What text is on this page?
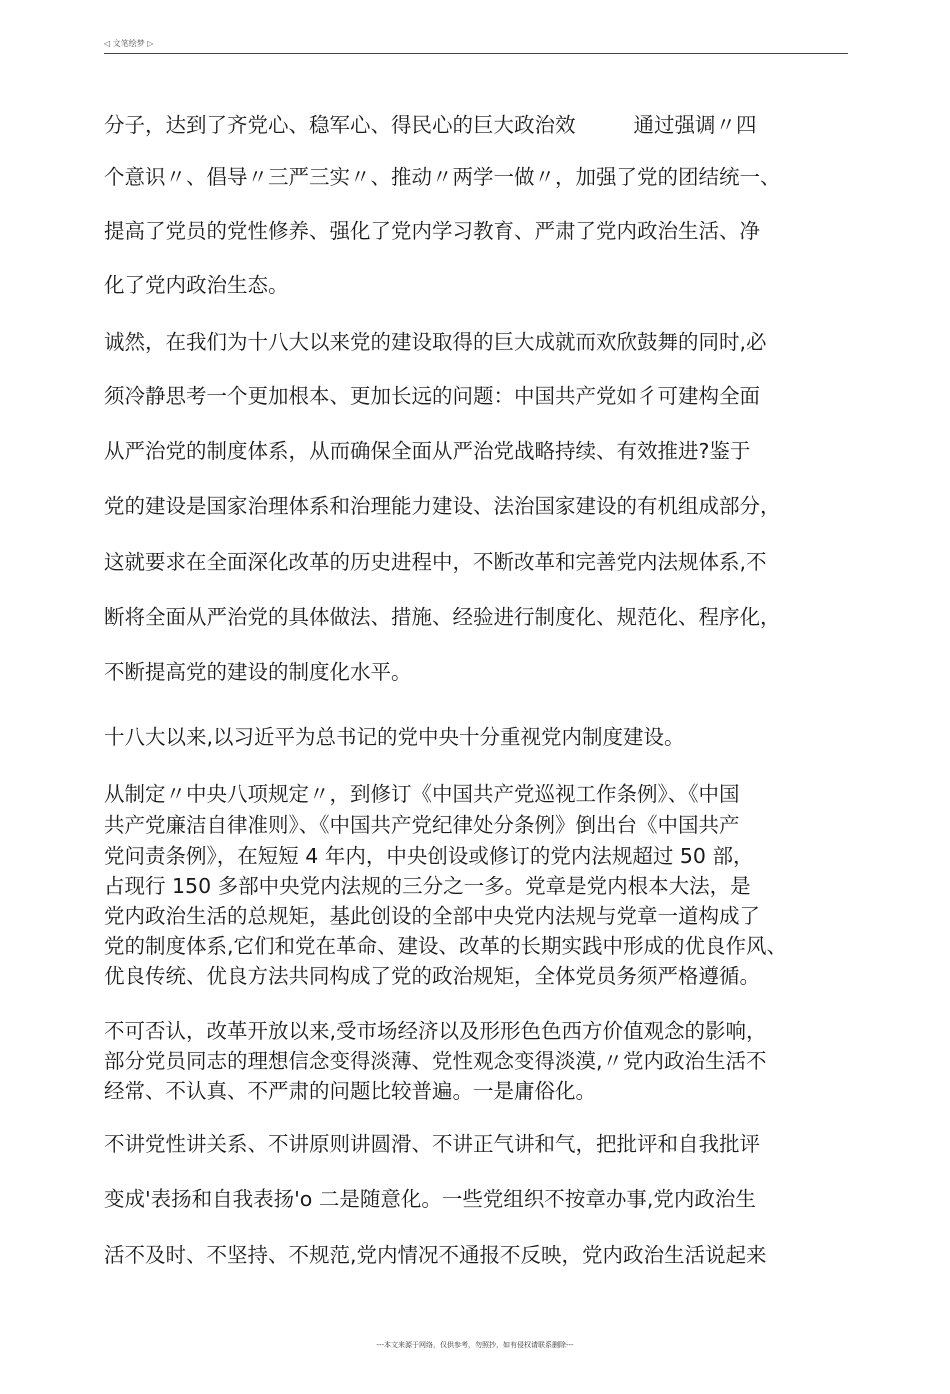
◁ 文笔绘梦 ▷
分子，达到了齐党心、稳军心、得民心的巨大政治效	通过强调〃四
个意识〃、倡导〃三严三实〃、推动〃两学一做〃，加强了党的团结统一、
提高了党员的党性修养、强化了党内学习教育、严肃了党内政治生活、净
化了党内政治生态。
诚然，在我们为十八大以来党的建设取得的巨大成就而欢欣鼓舞的同时,必
须冷静思考一个更加根本、更加长远的问题：中国共产党如彳可建构全面
从严治党的制度体系，从而确保全面从严治党战略持续、有效推进?鉴于
党的建设是国家治理体系和治理能力建设、法治国家建设的有机组成部分，
这就要求在全面深化改革的历史进程中，不断改革和完善党内法规体系,不
断将全面从严治党的具体做法、措施、经验进行制度化、规范化、程序化，
不断提高党的建设的制度化水平。
十八大以来,以习近平为总书记的党中央十分重视党内制度建设。
从制定〃中央八项规定〃，到修订《中国共产党巡视工作条例》、《中国
共产党廉洁自律准则》、《中国共产党纪律处分条例》倒出台《中国共产
党问责条例》，在短短 4 年内，中央创设或修订的党内法规超过 50 部，
占现行 150 多部中央党内法规的三分之一多。党章是党内根本大法，是
党内政治生活的总规矩，基此创设的全部中央党内法规与党章一道构成了
党的制度体系,它们和党在革命、建设、改革的长期实践中形成的优良作风、
优良传统、优良方法共同构成了党的政治规矩，全体党员务须严格遵循。
不可否认，改革开放以来,受市场经济以及形形色色西方价值观念的影响，
部分党员同志的理想信念变得淡薄、党性观念变得淡漠,〃党内政治生活不
经常、不认真、不严肃的问题比较普遍。一是庸俗化。
不讲党性讲关系、不讲原则讲圆滑、不讲正气讲和气，把批评和自我批评
变成'表扬和自我表扬'o 二是随意化。一些党组织不按章办事,党内政治生
活不及时、不坚持、不规范,党内情况不通报不反映，党内政治生活说起来
---本文来源于网络，仅供参考，勿照抄，如有侵权请联系删除---
